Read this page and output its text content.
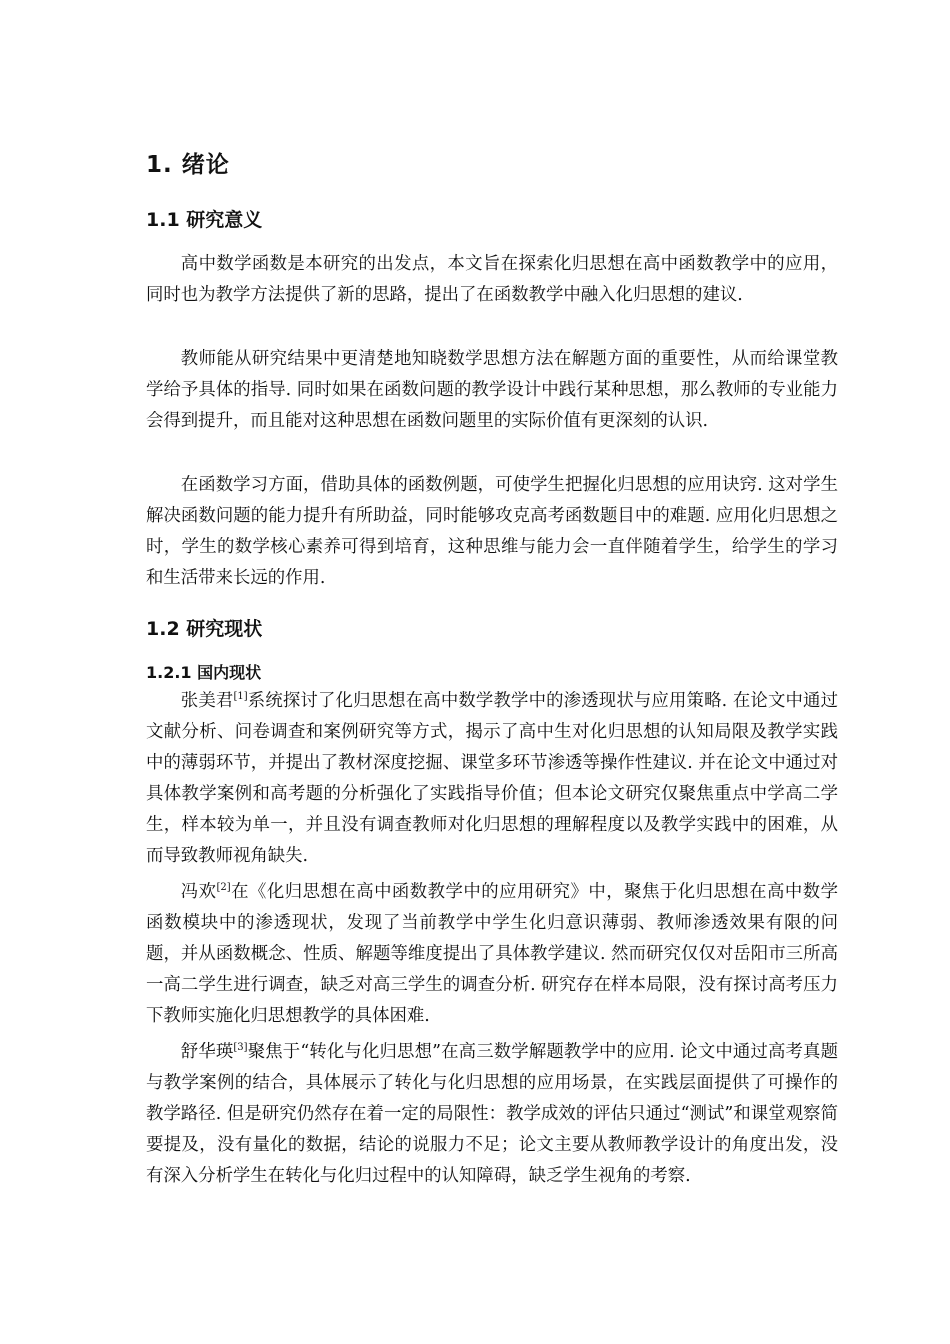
1. 绪论
1.1 研究意义

高中数学函数是本研究的出发点，本文旨在探索化归思想在高中函数教学中的应用，同时也为教学方法提供了新的思路，提出了在函数教学中融入化归思想的建议.

教师能从研究结果中更清楚地知晓数学思想方法在解题方面的重要性，从而给课堂教学给予具体的指导. 同时如果在函数问题的教学设计中践行某种思想，那么教师的专业能力会得到提升，而且能对这种思想在函数问题里的实际价值有更深刻的认识.

在函数学习方面，借助具体的函数例题，可使学生把握化归思想的应用诀窍. 这对学生解决函数问题的能力提升有所助益，同时能够攻克高考函数题目中的难题. 应用化归思想之时，学生的数学核心素养可得到培育，这种思维与能力会一直伴随着学生，给学生的学习和生活带来长远的作用.

1.2 研究现状
1.2.1 国内现状

张美君[1]系统探讨了化归思想在高中数学教学中的渗透现状与应用策略. 在论文中通过文献分析、问卷调查和案例研究等方式，揭示了高中生对化归思想的认知局限及教学实践中的薄弱环节，并提出了教材深度挖掘、课堂多环节渗透等操作性建议. 并在论文中通过对具体教学案例和高考题的分析强化了实践指导价值；但本论文研究仅聚焦重点中学高二学生，样本较为单一，并且没有调查教师对化归思想的理解程度以及教学实践中的困难，从而导致教师视角缺失.

冯欢[2]在《化归思想在高中函数教学中的应用研究》中，聚焦于化归思想在高中数学函数模块中的渗透现状，发现了当前教学中学生化归意识薄弱、教师渗透效果有限的问题，并从函数概念、性质、解题等维度提出了具体教学建议. 然而研究仅仅对岳阳市三所高一高二学生进行调查，缺乏对高三学生的调查分析. 研究存在样本局限，没有探讨高考压力下教师实施化归思想教学的具体困难.

舒华瑛[3]聚焦于“转化与化归思想”在高三数学解题教学中的应用. 论文中通过高考真题与教学案例的结合，具体展示了转化与化归思想的应用场景，在实践层面提供了可操作的教学路径. 但是研究仍然存在着一定的局限性：教学成效的评估只通过“测试”和课堂观察简要提及，没有量化的数据，结论的说服力不足；论文主要从教师教学设计的角度出发，没有深入分析学生在转化与化归过程中的认知障碍，缺乏学生视角的考察.
